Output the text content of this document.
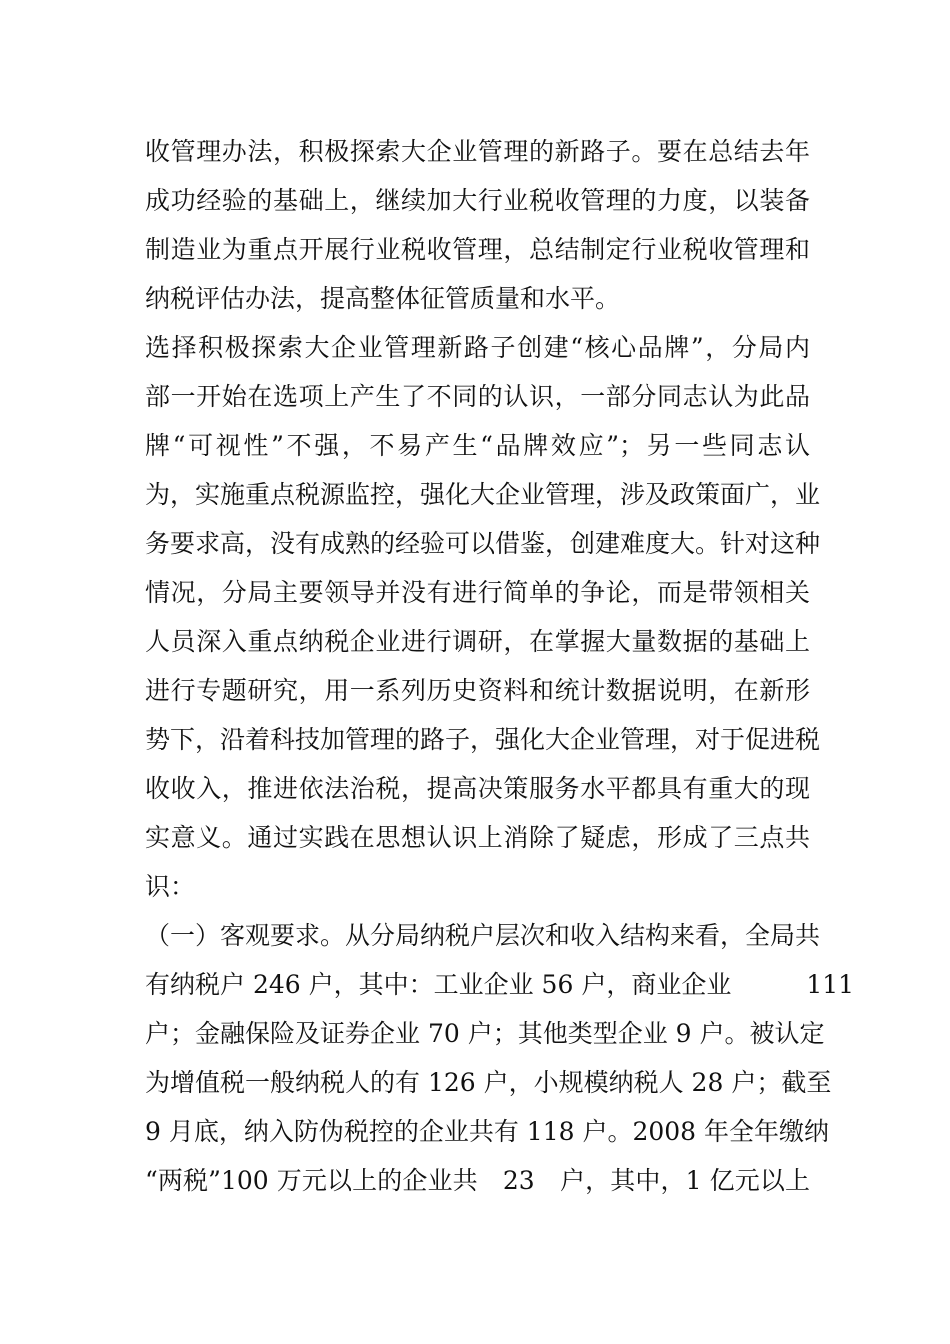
收管理办法，积极探索大企业管理的新路子。要在总结去年
成功经验的基础上，继续加大行业税收管理的力度，以装备
制造业为重点开展行业税收管理，总结制定行业税收管理和
纳税评估办法，提高整体征管质量和水平。
选择积极探索大企业管理新路子创建“核心品牌”，分局内
部一开始在选项上产生了不同的认识，一部分同志认为此品
牌“可视性”不强，不易产生“品牌效应”；另一些同志认
为，实施重点税源监控，强化大企业管理，涉及政策面广，业
务要求高，没有成熟的经验可以借鉴，创建难度大。针对这种
情况，分局主要领导并没有进行简单的争论，而是带领相关
人员深入重点纳税企业进行调研，在掌握大量数据的基础上
进行专题研究，用一系列历史资料和统计数据说明，在新形
势下，沿着科技加管理的路子，强化大企业管理，对于促进税
收收入，推进依法治税，提高决策服务水平都具有重大的现
实意义。通过实践在思想认识上消除了疑虑，形成了三点共
识：
（一）客观要求。从分局纳税户层次和收入结构来看，全局共
有纳税户 246 户，其中：工业企业 56 户，商业企业　　　111
户；金融保险及证券企业 70 户；其他类型企业 9 户。被认定
为增值税一般纳税人的有 126 户，小规模纳税人 28 户；截至
9 月底，纳入防伪税控的企业共有 118 户。2008 年全年缴纳
“两税”100 万元以上的企业共　23　户，其中，1 亿元以上
